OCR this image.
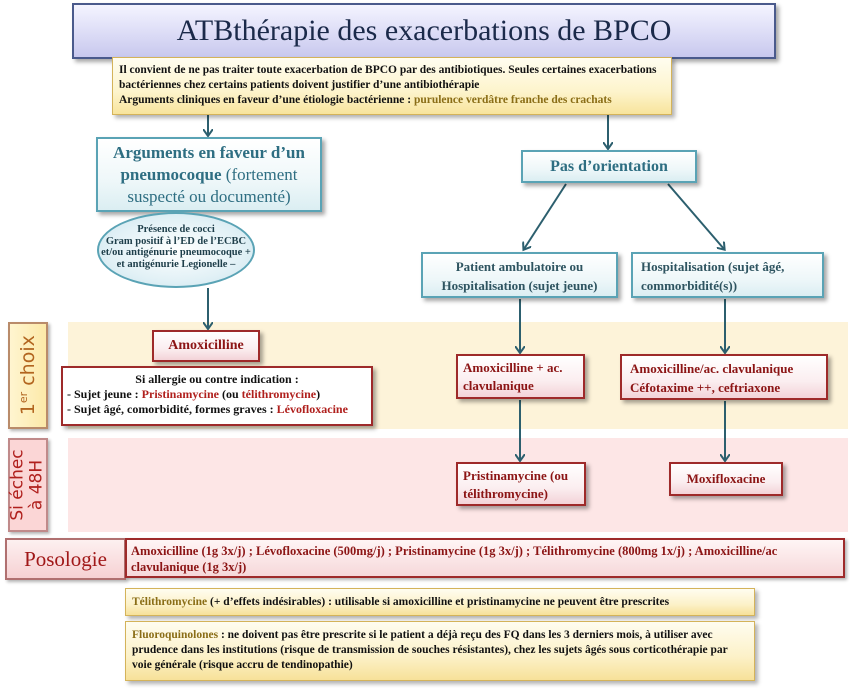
ATBthérapie des exacerbations de BPCO
Il convient de ne pas traiter toute exacerbation de BPCO par des antibiotiques. Seules certaines exacerbations bactériennes chez certains patients doivent justifier d’une antibiothérapie
Arguments cliniques en faveur d’une étiologie bactérienne : purulence verdâtre franche des crachats
Arguments en faveur d’un pneumocoque (fortement suspecté ou documenté)
Présence de cocci
Gram positif à l’ED de l’ECBC
et/ou antigénurie pneumocoque +
et antigénurie Legionelle –
Pas d’orientation
Patient ambulatoire ou Hospitalisation (sujet jeune)
Hospitalisation (sujet âgé, commorbidité(s))
1er choix
Si échec à 48H
Amoxicilline
Si allergie ou contre indication :
- Sujet jeune : Pristinamycine (ou télithromycine)
- Sujet âgé, comorbidité, formes graves : Lévofloxacine
Amoxicilline + ac. clavulanique
Amoxicilline/ac. clavulanique
Céfotaxime ++, ceftriaxone
Pristinamycine (ou télithromycine)
Moxifloxacine
Posologie	Amoxicilline (1g 3x/j) ; Lévofloxacine (500mg/j) ; Pristinamycine (1g 3x/j) ; Télithromycine (800mg 1x/j) ; Amoxicilline/ac clavulanique (1g 3x/j)
Télithromycine (+ d’effets indésirables) : utilisable si amoxicilline et pristinamycine ne peuvent être prescrites
Fluoroquinolones : ne doivent pas être prescrite si le patient a déjà reçu des FQ dans les 3 derniers mois, à utiliser avec prudence dans les institutions (risque de transmission de souches résistantes), chez les sujets âgés sous corticothérapie par voie générale (risque accru de tendinopathie)
